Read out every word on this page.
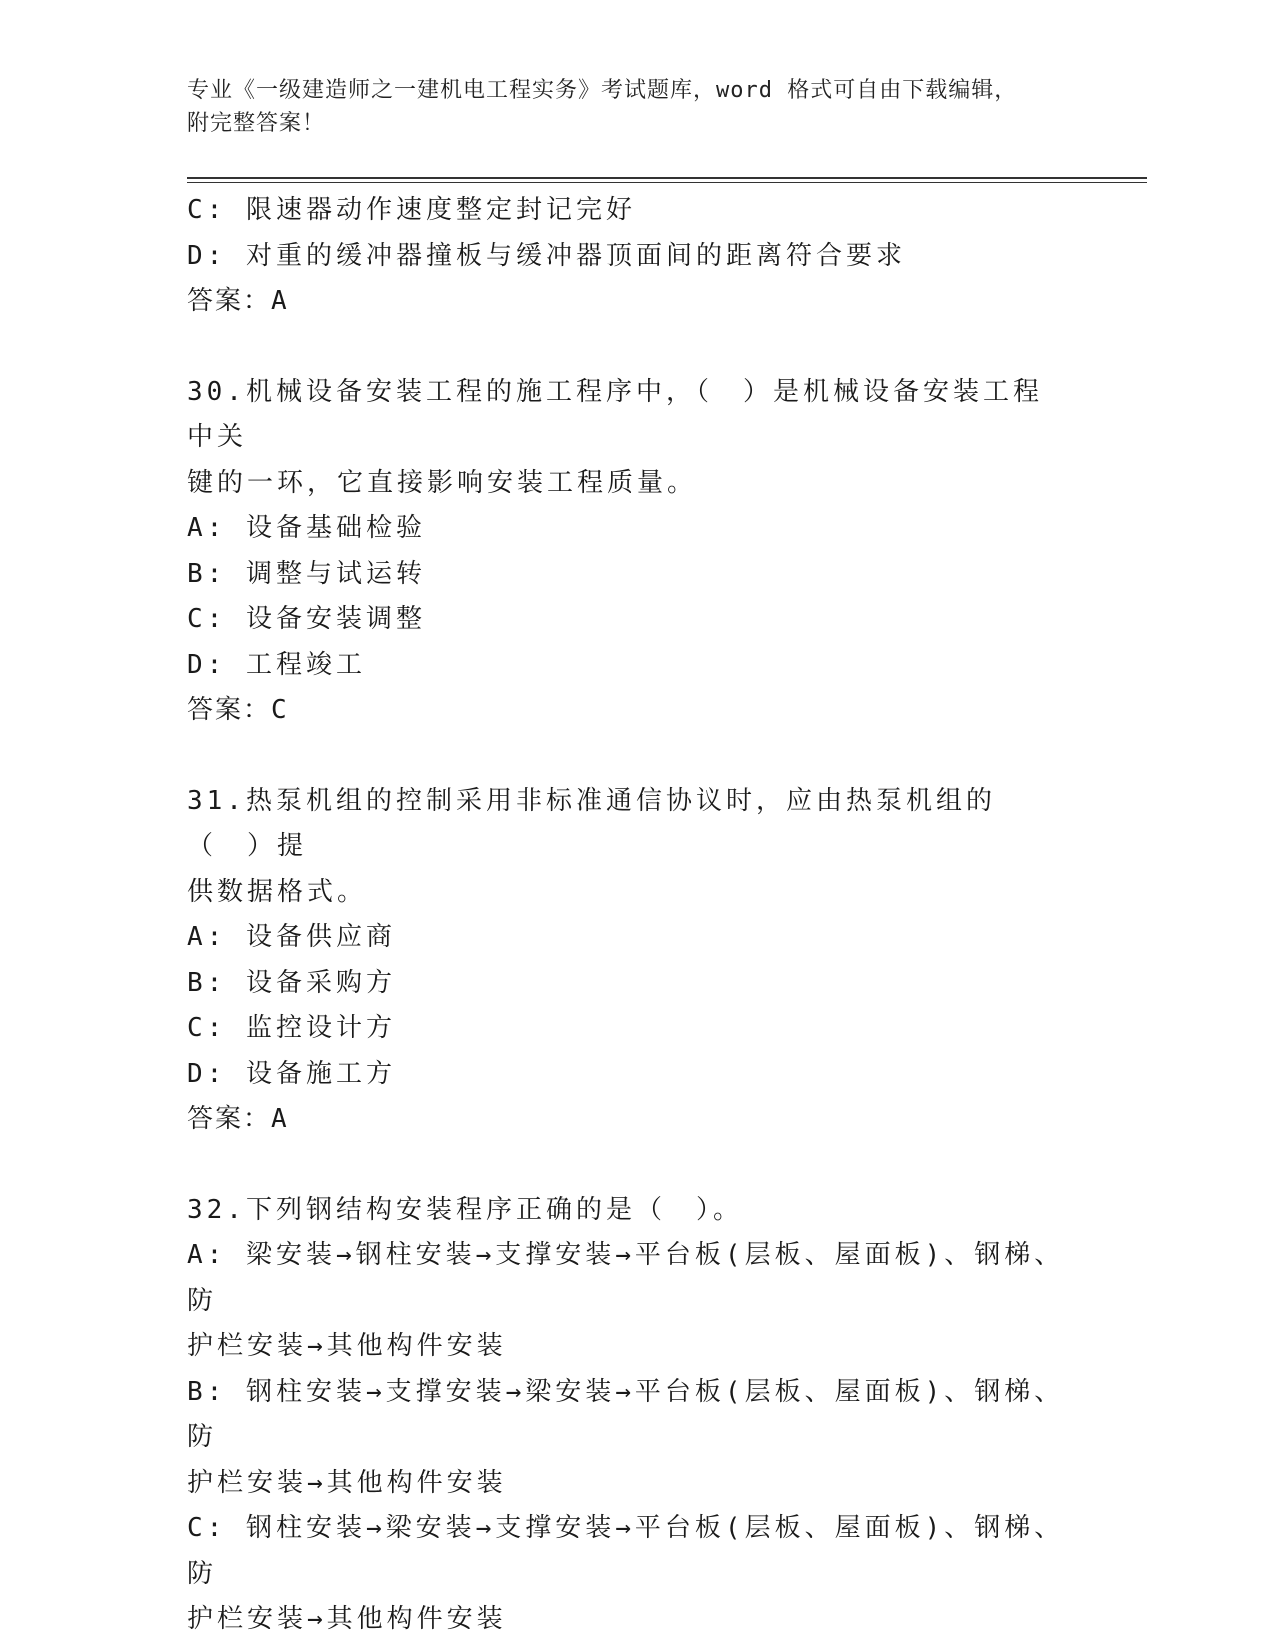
专业《一级建造师之一建机电工程实务》考试题库，word 格式可自由下载编辑，
附完整答案！
C: 限速器动作速度整定封记完好
D: 对重的缓冲器撞板与缓冲器顶面间的距离符合要求
答案：A
30.机械设备安装工程的施工程序中，（　）是机械设备安装工程中关
键的一环，它直接影响安装工程质量。
A: 设备基础检验
B: 调整与试运转
C: 设备安装调整
D: 工程竣工
答案：C
31.热泵机组的控制采用非标准通信协议时，应由热泵机组的（　）提
供数据格式。
A: 设备供应商
B: 设备采购方
C: 监控设计方
D: 设备施工方
答案：A
32.下列钢结构安装程序正确的是（　）。
A: 梁安装→钢柱安装→支撑安装→平台板(层板、屋面板)、钢梯、防
护栏安装→其他构件安装
B: 钢柱安装→支撑安装→梁安装→平台板(层板、屋面板)、钢梯、防
护栏安装→其他构件安装
C: 钢柱安装→梁安装→支撑安装→平台板(层板、屋面板)、钢梯、防
护栏安装→其他构件安装
